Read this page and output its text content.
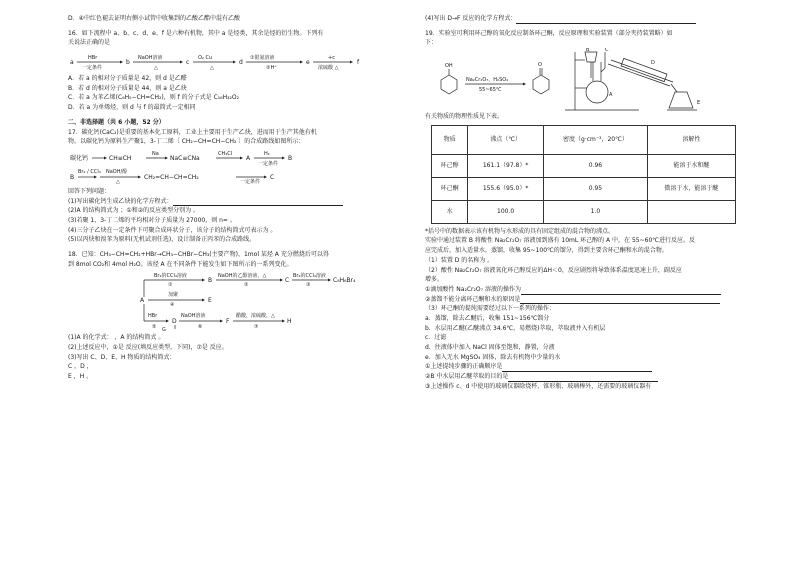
D．④中红色褪去证明右侧小试管中收集到的乙酸乙酯中混有乙酸
16．如下流程中 a、b、c、d、e、f 是六种有机物，其中 a 是烃类，其余是烃的衍生物。下列有
关说法正确的是
a
HBr
一定条件
b
NaOH溶液
△
c
O₂ Cu
△
d
①银氨溶液
②H⁺
e
+c
浓硫酸 △
f
A．若 a 的相对分子质量是 42，则 d 是乙醛
B．若 d 的相对分子质量是 44，则 a 是乙炔
C．若 a 为苯乙烯(C₆H₅−CH=CH₂)，则 f 的分子式是 C₁₆H₃₂O₂
D．若 a 为单烯烃，则 d 与 f 的最简式一定相同
二、非选择题（共 6 小题，52 分）
17．碳化钙(CaC₂)是重要的基本化工原料，工业上主要用于生产乙炔，进而用于生产其他有机
物。以碳化钙为原料生产聚1，3-丁二烯〔 CH₂−CH=CH−CH₂ 〕的合成路线如图所示：
碳化钙	CH≡CH
Na
NaC≡CNa
CH₃Cl
A
H₂
一定条件
B
B
Br₂ / CCl₄ NaOH/醇
△
CH₂=CH−CH=CH₂
一定条件
C
回答下列问题：
(1)写出碳化钙生成乙炔的化学方程式：
(2)A 的结构简式为 ；①和②的反应类型分别为 。
(3)若聚 1，3-丁二烯的平均相对分子质量为 27000，则 n= 。
(4)三分子乙炔在一定条件下可聚合成环状分子，该分子的结构简式可表示为 。
(5)以丙炔和溴苯为原料(无机试剂任选)，设计制备正丙苯的合成路线。
18．已知：CH₃−CH=CH₂+HBr→CH₃−CHBr−CH₃(主要产物)，1mol 某烃 A 充分燃烧后可以得
到 8mol CO₂和 4mol H₂O。该烃 A 在不同条件下能发生如下图所示的一系列变化。
A
Br₂的CCl₄溶液
①
B
NaOH的乙醇溶液，△
②
C
Br₂的CCl₄溶液
③
C₈H₆Br₄
加聚
④
E
HBr
⑤
D
NaOH溶液
⑥
F
醋酸，浓硫酸，△
⑦
H
G
(1)A 的化学式： ，A 的结构简式 。
(2)上述反应中，①是 反应(填反应类型，下同)，⑦是 反应。
(3)写出 C、D、E、H 物质的结构简式：
C ，D ，
E ，H 。
(4)写出 D→F 反应的化学方程式：
19．实验室可利用环己醇的氧化反应制备环己酮，反应原理和实验装置（部分夹持装置略）如
下：
OH
Na₂Cr₂O₇，H₂SO₄
55~65℃
O
A
B	C
D
E
有关物质的物理性质见下表。
物质	沸点（℃）	密度（g·cm⁻³，20℃）	溶解性
环己醇	161.1（97.8）*	0.96	能溶于水和醚
环己酮	155.6（95.0）*	0.95	微溶于水，能溶于醚
水	100.0	1.0	
*括号中的数据表示该有机物与水形成的具有固定组成的混合物的沸点。
实验中通过装置 B 将酸性 Na₂Cr₂O₇ 溶液加到盛有 10mL 环己醇的 A 中，在 55~60℃进行反应。反
应完成后，加入适量水，蒸馏，收集 95~100℃的馏分，得到主要含环己酮和水的混合物。
（1）装置 D 的名称为 。
（2）酸性 Na₂Cr₂O₇ 溶液氧化环己醇反应的ΔH＜0，反应剧烈将导致体系温度迅速上升，副反应
增多。
①滴加酸性 Na₂Cr₂O₇ 溶液的操作为
②蒸馏不能分离环己酮和水的原因是
（3）环己酮的提纯需要经过以下一系列的操作：
a．蒸馏，除去乙醚后，收集 151~156℃馏分
b．水层用乙醚(乙醚沸点 34.6℃，易燃烧)萃取，萃取液并入有机层
c．过滤
d．往液体中加入 NaCl 固体至饱和，静置，分液
e．加入无水 MgSO₄ 固体，除去有机物中少量的水
①上述提纯步骤的正确顺序是
②B 中水层用乙醚萃取的目的是
③上述操作 c、d 中使用的玻璃仪器除烧杯、锥形瓶、玻璃棒外，还需要的玻璃仪器有
